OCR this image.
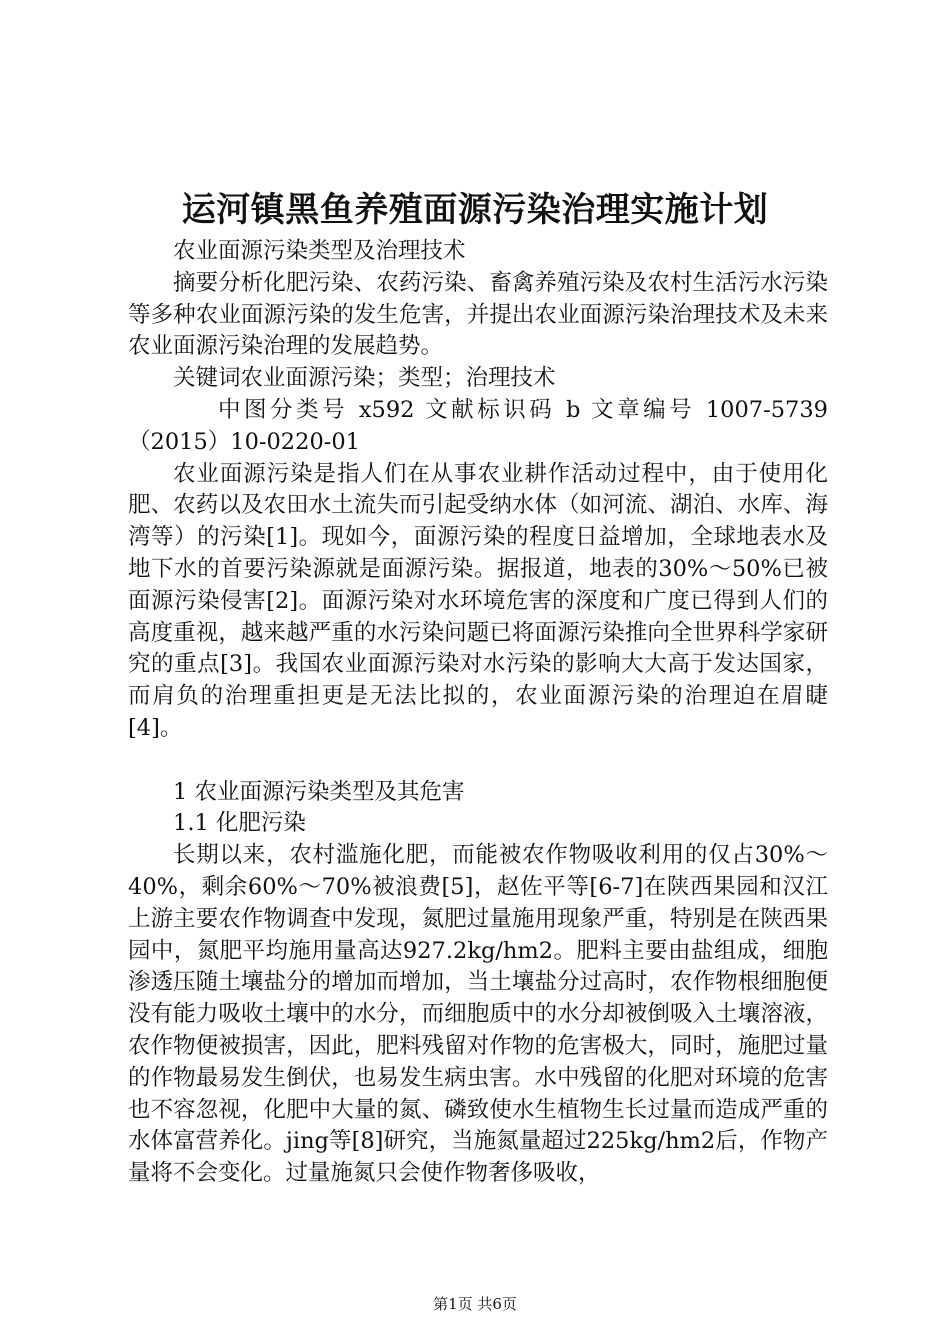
运河镇黑鱼养殖面源污染治理实施计划

农业面源污染类型及治理技术

摘要分析化肥污染、农药污染、畜禽养殖污染及农村生活污水污染等多种农业面源污染的发生危害，并提出农业面源污染治理技术及未来农业面源污染治理的发展趋势。

关键词农业面源污染；类型；治理技术

中图分类号 x592 文献标识码 b 文章编号 1007-5739（2015）10-0220-01

农业面源污染是指人们在从事农业耕作活动过程中，由于使用化肥、农药以及农田水土流失而引起受纳水体（如河流、湖泊、水库、海湾等）的污染[1]。现如今，面源污染的程度日益增加，全球地表水及地下水的首要污染源就是面源污染。据报道，地表的30%～50%已被面源污染侵害[2]。面源污染对水环境危害的深度和广度已得到人们的高度重视，越来越严重的水污染问题已将面源污染推向全世界科学家研究的重点[3]。我国农业面源污染对水污染的影响大大高于发达国家，而肩负的治理重担更是无法比拟的，农业面源污染的治理迫在眉睫[4]。

1 农业面源污染类型及其危害

1.1 化肥污染

长期以来，农村滥施化肥，而能被农作物吸收利用的仅占30%～40%，剩余60%～70%被浪费[5]，赵佐平等[6-7]在陕西果园和汉江上游主要农作物调查中发现，氮肥过量施用现象严重，特别是在陕西果园中，氮肥平均施用量高达927.2kg/hm2。肥料主要由盐组成，细胞渗透压随土壤盐分的增加而增加，当土壤盐分过高时，农作物根细胞便没有能力吸收土壤中的水分，而细胞质中的水分却被倒吸入土壤溶液，农作物便被损害，因此，肥料残留对作物的危害极大，同时，施肥过量的作物最易发生倒伏，也易发生病虫害。水中残留的化肥对环境的危害也不容忽视，化肥中大量的氮、磷致使水生植物生长过量而造成严重的水体富营养化。jing等[8]研究，当施氮量超过225kg/hm2后，作物产量将不会变化。过量施氮只会使作物奢侈吸收，

第1页 共6页
